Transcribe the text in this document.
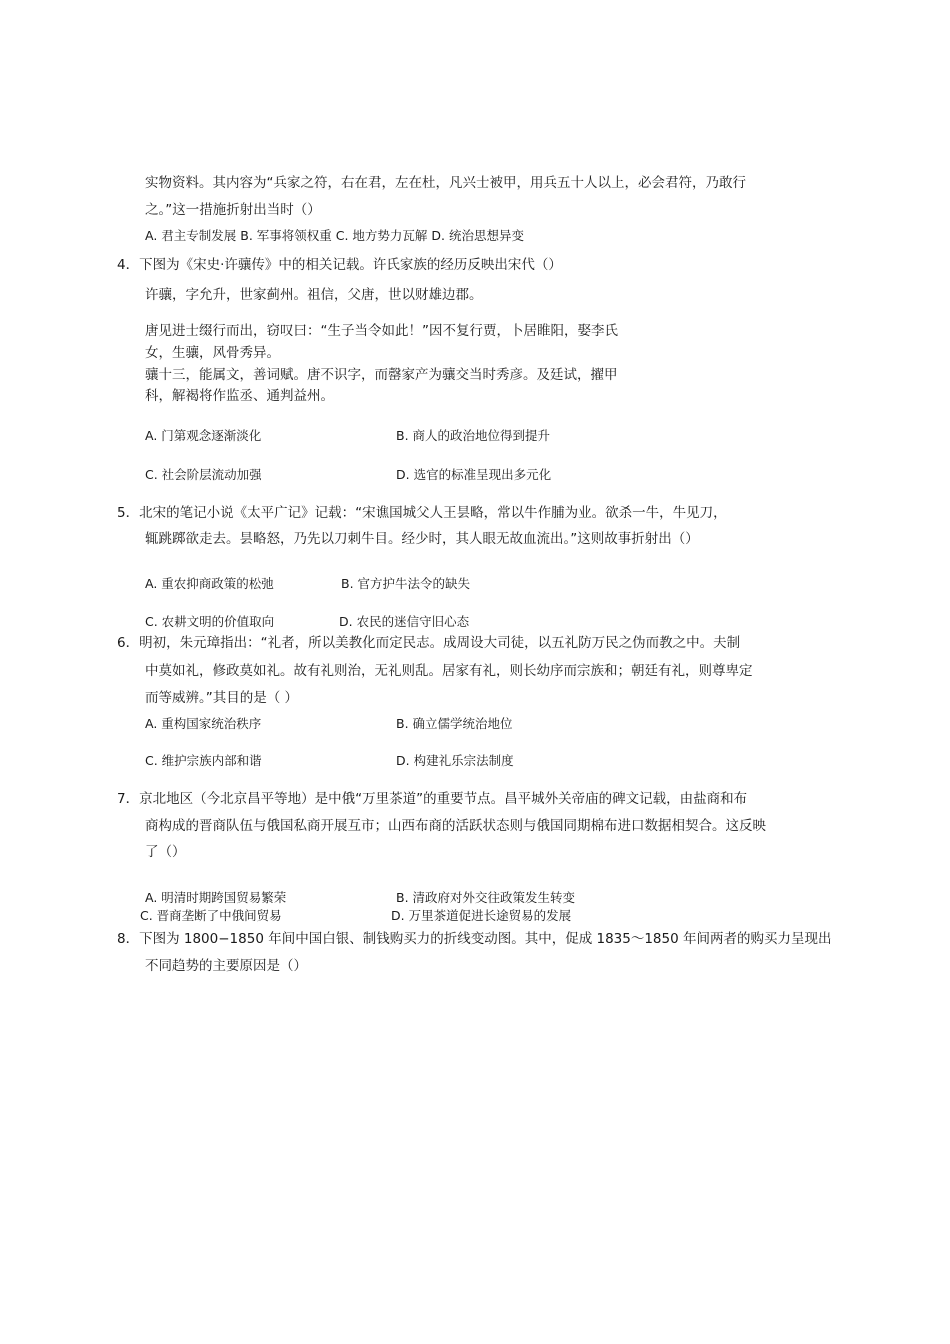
实物资料。其内容为“兵家之符，右在君，左在杜，凡兴士被甲，用兵五十人以上，必会君符，乃敢行
之。”这一措施折射出当时（）
A. 君主专制发展 B. 军事将领权重 C. 地方势力瓦解 D. 统治思想异变
4．下图为《宋史·许骧传》中的相关记载。许氏家族的经历反映出宋代（）
许骧，字允升，世家蓟州。祖信，父唐，世以财雄边郡。
唐见进士缀行而出，窃叹曰：“生子当令如此！”因不复行贾，卜居睢阳，娶李氏
女，生骧，风骨秀异。
骧十三，能属文，善词赋。唐不识字，而罄家产为骧交当时秀彦。及廷试，擢甲
科，解褐将作监丞、通判益州。
A. 门第观念逐渐淡化	B. 商人的政治地位得到提升
C. 社会阶层流动加强	D. 选官的标准呈现出多元化
5．北宋的笔记小说《太平广记》记载：“宋谯国城父人王昙略，常以牛作脯为业。欲杀一牛，牛见刀，
辄跳踯欲走去。昙略怒，乃先以刀刺牛目。经少时，其人眼无故血流出。”这则故事折射出（）
A. 重农抑商政策的松弛	B. 官方护牛法令的缺失
C. 农耕文明的价值取向	D. 农民的迷信守旧心态
6．明初，朱元璋指出：“礼者，所以美教化而定民志。成周设大司徒，以五礼防万民之伪而教之中。夫制
中莫如礼，修政莫如礼。故有礼则治，无礼则乱。居家有礼，则长幼序而宗族和；朝廷有礼，则尊卑定
而等威辨。”其目的是（ ）
A. 重构国家统治秩序	B. 确立儒学统治地位
C. 维护宗族内部和谐	D. 构建礼乐宗法制度
7．京北地区（今北京昌平等地）是中俄“万里茶道”的重要节点。昌平城外关帝庙的碑文记载，由盐商和布
商构成的晋商队伍与俄国私商开展互市；山西布商的活跃状态则与俄国同期棉布进口数据相契合。这反映
了（）
A. 明清时期跨国贸易繁荣	B. 清政府对外交往政策发生转变
C. 晋商垄断了中俄间贸易	D. 万里茶道促进长途贸易的发展
8．下图为 1800−1850 年间中国白银、制钱购买力的折线变动图。其中，促成 1835～1850 年间两者的购买力呈现出
不同趋势的主要原因是（）
